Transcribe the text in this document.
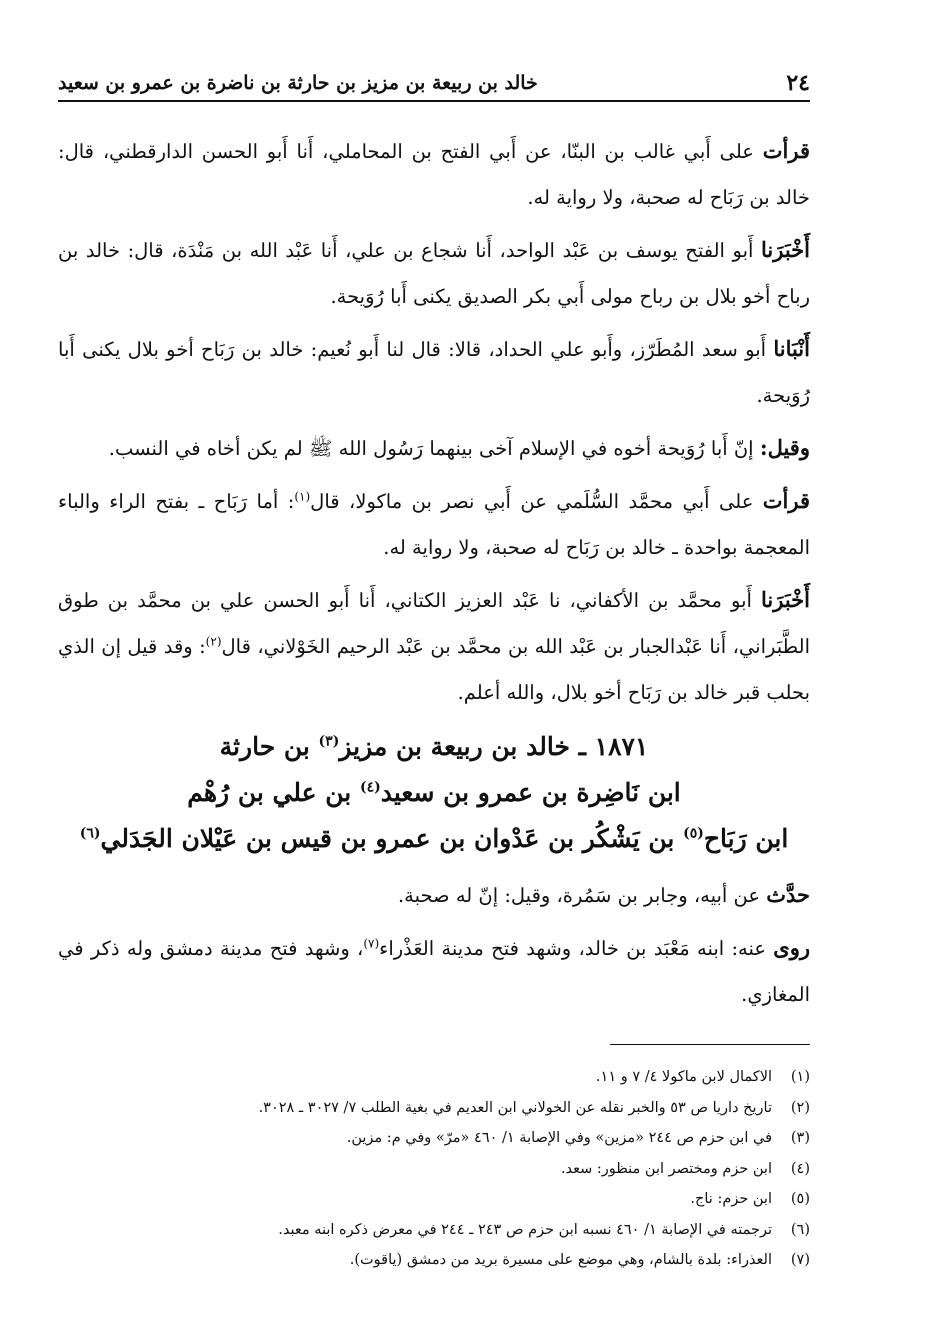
٢٤
خالد بن ربيعة بن مزيز بن حارثة بن ناضرة بن عمرو بن سعيد

قرأت على أَبي غالب بن البنّا، عن أَبي الفتح بن المحاملي، أَنا أَبو الحسن الدارقطني، قال: خالد بن رَبَاح له صحبة، ولا رواية له.

أَخْبَرَنا أَبو الفتح يوسف بن عَبْد الواحد، أَنا شجاع بن علي، أَنا عَبْد الله بن مَنْدَة، قال: خالد بن رباح أخو بلال بن رباح مولى أَبي بكر الصديق يكنى أَبا رُوَيحة.

أَنْبَانا أَبو سعد المُطَرّز، وأَبو علي الحداد، قالا: قال لنا أَبو نُعيم: خالد بن رَبَاح أخو بلال يكنى أَبا رُوَيحة.

وقيل: إنّ أَبا رُوَيحة أخوه في الإسلام آخى بينهما رَسُول الله ﷺ لم يكن أخاه في النسب.

قرأت على أَبي محمَّد السُّلَمي عن أَبي نصر بن ماكولا، قال$^{(١)}$: أما رَبَاح ـ بفتح الراء والباء المعجمة بواحدة ـ خالد بن رَبَاح له صحبة، ولا رواية له.

أَخْبَرَنا أَبو محمَّد بن الأكفاني، نا عَبْد العزيز الكتاني، أَنا أَبو الحسن علي بن محمَّد بن طوق الطَّبَراني، أَنا عَبْدالجبار بن عَبْد الله بن محمَّد بن عَبْد الرحيم الخَوْلاني، قال$^{(٢)}$: وقد قيل إن الذي بحلب قبر خالد بن رَبَاح أخو بلال، والله أعلم.

١٨٧١ ـ خالد بن ربيعة بن مزيز$^{(٣)}$ بن حارثة
ابن نَاضِرة بن عمرو بن سعيد$^{(٤)}$ بن علي بن رُهْم
ابن رَبَاح$^{(٥)}$ بن يَشْكُر بن عَدْوان بن عمرو بن قيس بن عَيْلان الجَدَلي$^{(٦)}$

حدَّث عن أبيه، وجابر بن سَمُرة، وقيل: إنّ له صحبة.

روى عنه: ابنه مَعْبَد بن خالد، وشهد فتح مدينة العَذْراء$^{(٧)}$، وشهد فتح مدينة دمشق وله ذكر في المغازي.

(١)
الاكمال لابن ماكولا ٤/ ٧ و ١١.
(٢)
تاريخ داريا ص ٥٣ والخبر نقله عن الخولاني ابن العديم في بغية الطلب ٧/ ٣٠٢٧ ـ ٣٠٢٨.
(٣)
في ابن حزم ص ٢٤٤ «مزين» وفي الإصابة ١/ ٤٦٠ «مرّ» وفي م: مزين.
(٤)
ابن حزم ومختصر ابن منظور: سعد.
(٥)
ابن حزم: ناج.
(٦)
ترجمته في الإصابة ١/ ٤٦٠ نسبه ابن حزم ص ٢٤٣ ـ ٢٤٤ في معرض ذكره ابنه معبد.
(٧)
العذراء: بلدة بالشام، وهي موضع على مسيرة بريد من دمشق (ياقوت).
